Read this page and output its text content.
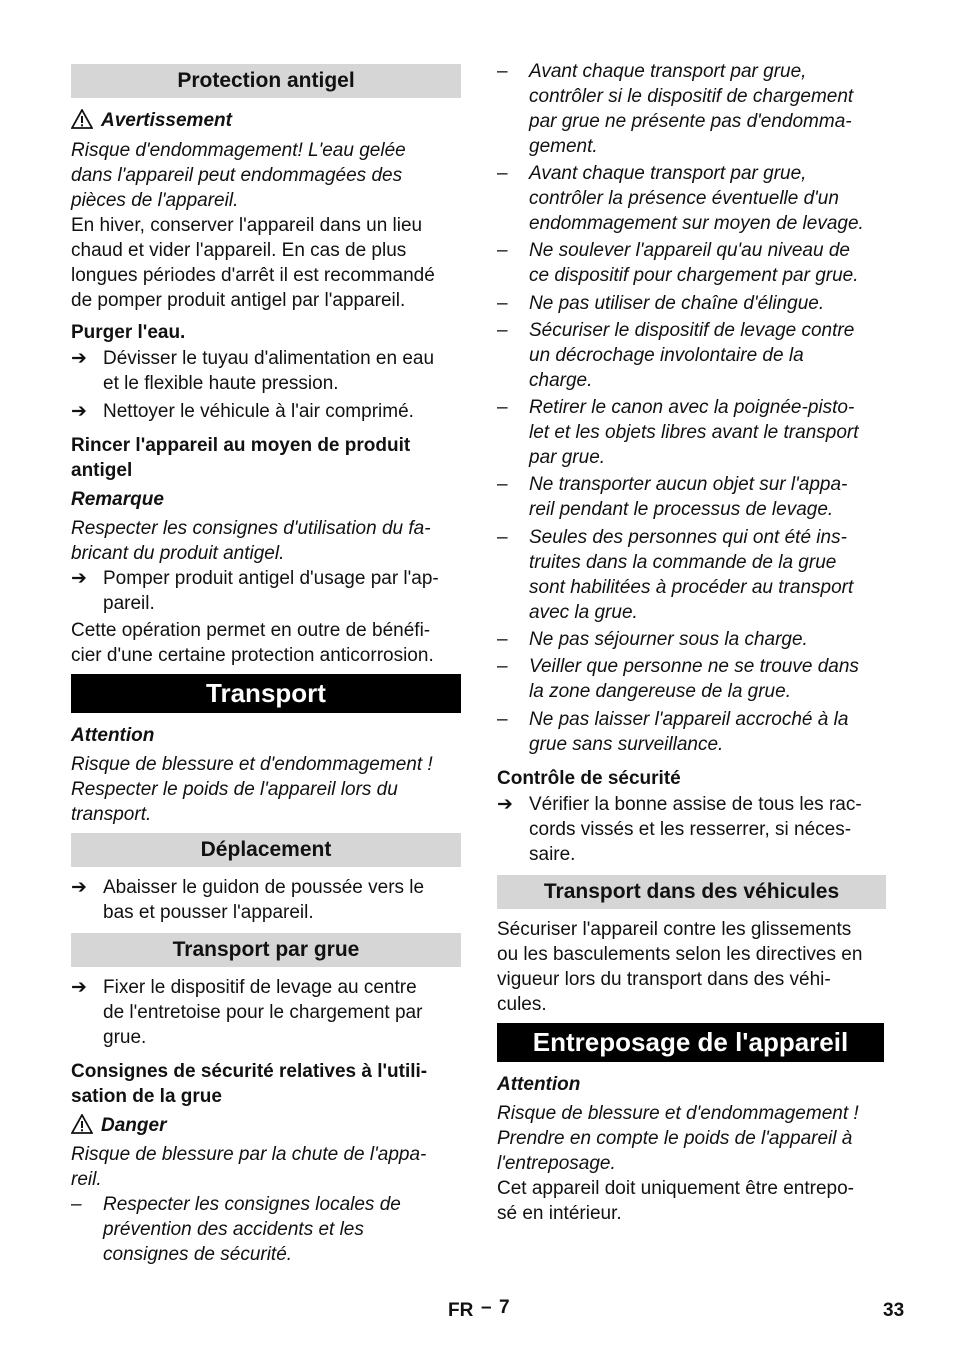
Protection antigel
Avertissement
Risque d'endommagement! L'eau gelée
dans l'appareil peut endommagées des
pièces de l'appareil.
En hiver, conserver l'appareil dans un lieu
chaud et vider l'appareil. En cas de plus
longues périodes d'arrêt il est recommandé
de pomper produit antigel par l'appareil.
Purger l'eau.
➔ Dévisser le tuyau d'alimentation en eau
et le flexible haute pression.
➔ Nettoyer le véhicule à l'air comprimé.
Rincer l'appareil au moyen de produit
antigel
Remarque
Respecter les consignes d'utilisation du fa-
bricant du produit antigel.
➔ Pomper produit antigel d'usage par l'ap-
pareil.
Cette opération permet en outre de bénéfi-
cier d'une certaine protection anticorrosion.
Transport
Attention
Risque de blessure et d'endommagement !
Respecter le poids de l'appareil lors du
transport.
Déplacement
➔ Abaisser le guidon de poussée vers le
bas et pousser l'appareil.
Transport par grue
➔ Fixer le dispositif de levage au centre
de l'entretoise pour le chargement par
grue.
Consignes de sécurité relatives à l'utili-
sation de la grue
Danger
Risque de blessure par la chute de l'appa-
reil.
– Respecter les consignes locales de
prévention des accidents et les
consignes de sécurité.
– Avant chaque transport par grue,
contrôler si le dispositif de chargement
par grue ne présente pas d'endomma-
gement.
– Avant chaque transport par grue,
contrôler la présence éventuelle d'un
endommagement sur moyen de levage.
– Ne soulever l'appareil qu'au niveau de
ce dispositif pour chargement par grue.
– Ne pas utiliser de chaîne d'élingue.
– Sécuriser le dispositif de levage contre
un décrochage involontaire de la
charge.
– Retirer le canon avec la poignée-pisto-
let et les objets libres avant le transport
par grue.
– Ne transporter aucun objet sur l'appa-
reil pendant le processus de levage.
– Seules des personnes qui ont été ins-
truites dans la commande de la grue
sont habilitées à procéder au transport
avec la grue.
– Ne pas séjourner sous la charge.
– Veiller que personne ne se trouve dans
la zone dangereuse de la grue.
– Ne pas laisser l'appareil accroché à la
grue sans surveillance.
Contrôle de sécurité
➔ Vérifier la bonne assise de tous les rac-
cords vissés et les resserrer, si néces-
saire.
Transport dans des véhicules
Sécuriser l'appareil contre les glissements
ou les basculements selon les directives en
vigueur lors du transport dans des véhi-
cules.
Entreposage de l'appareil
Attention
Risque de blessure et d'endommagement !
Prendre en compte le poids de l'appareil à
l'entreposage.
Cet appareil doit uniquement être entrepo-
sé en intérieur.
FR – 7	33
